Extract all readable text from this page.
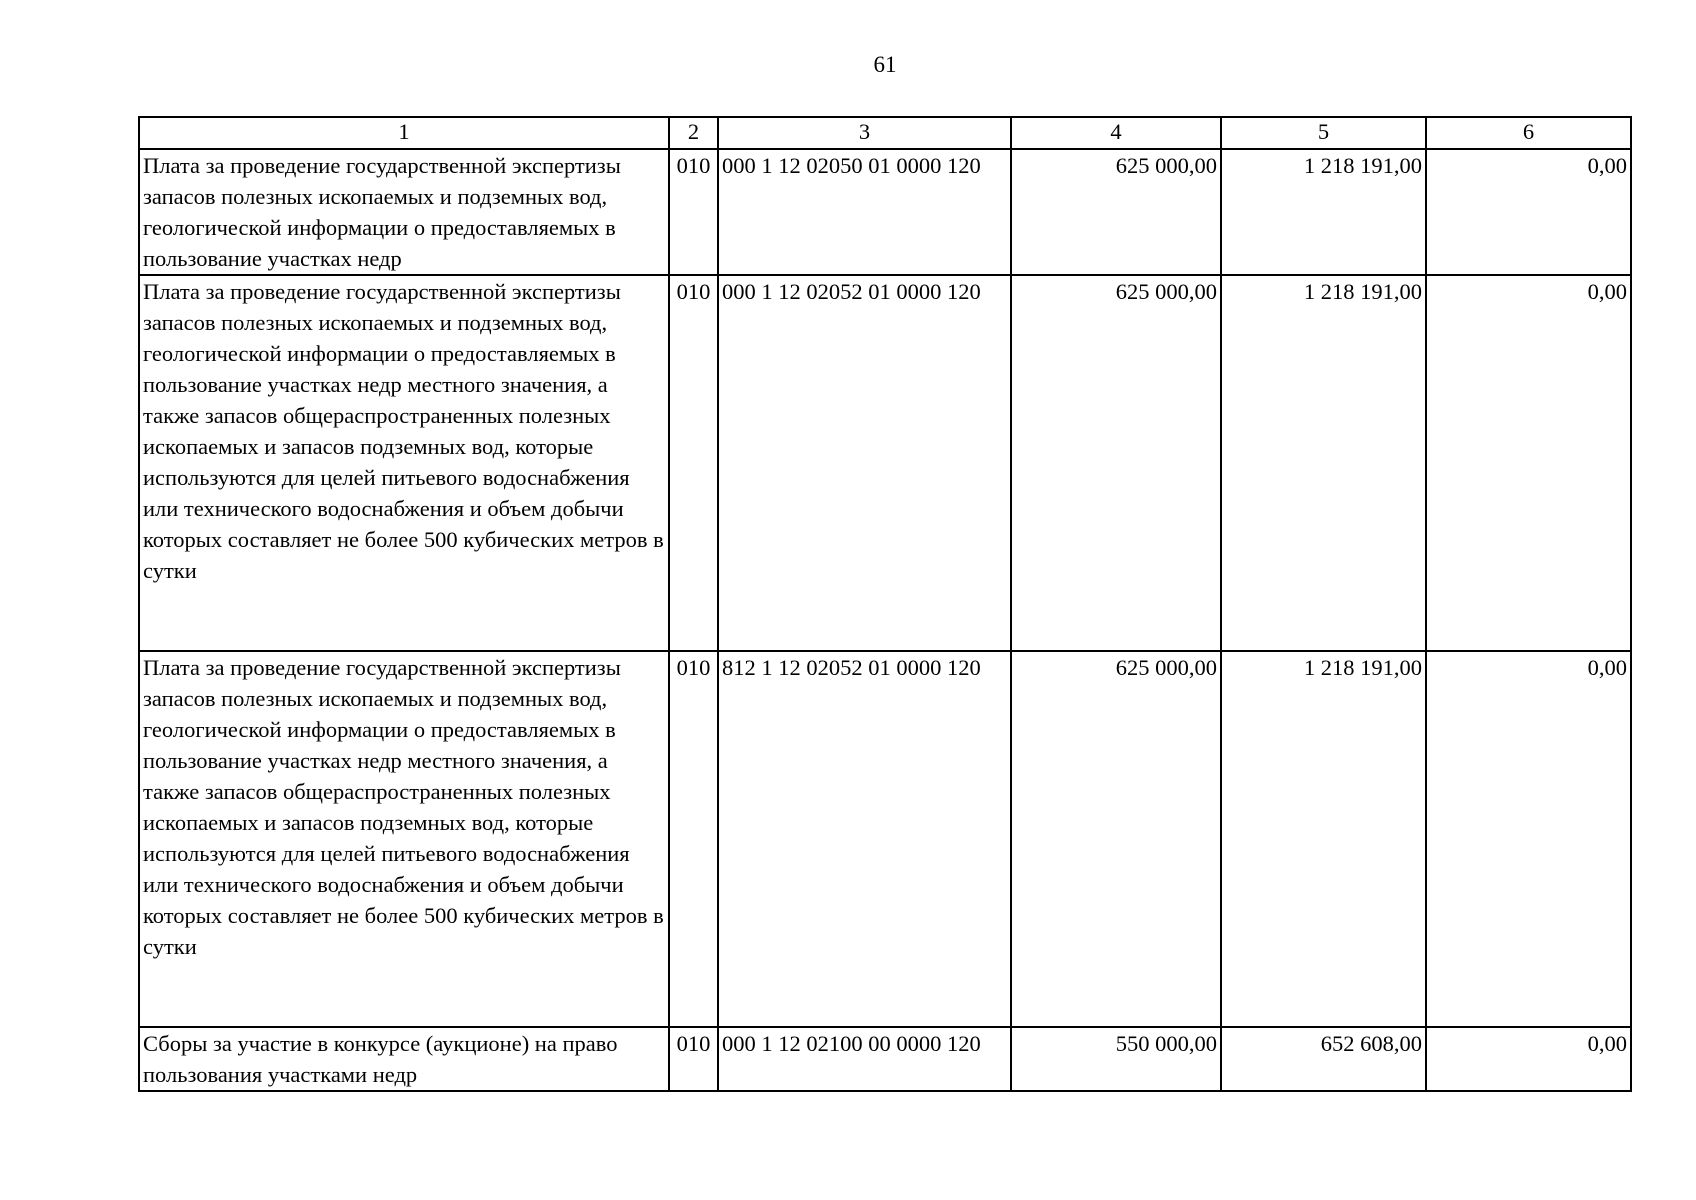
61
1	2	3	4	5	6
Плата за проведение государственной экспертизы запасов полезных ископаемых и подземных вод, геологической информации о предоставляемых в пользование участках недр	010	000 1 12 02050 01 0000 120	625 000,00	1 218 191,00	0,00
Плата за проведение государственной экспертизы запасов полезных ископаемых и подземных вод, геологической информации о предоставляемых в пользование участках недр местного значения, а также запасов общераспространенных полезных ископаемых и запасов подземных вод, которые используются для целей питьевого водоснабжения или технического водоснабжения и объем добычи которых составляет не более 500 кубических метров в сутки	010	000 1 12 02052 01 0000 120	625 000,00	1 218 191,00	0,00
Плата за проведение государственной экспертизы запасов полезных ископаемых и подземных вод, геологической информации о предоставляемых в пользование участках недр местного значения, а также запасов общераспространенных полезных ископаемых и запасов подземных вод, которые используются для целей питьевого водоснабжения или технического водоснабжения и объем добычи которых составляет не более 500 кубических метров в сутки	010	812 1 12 02052 01 0000 120	625 000,00	1 218 191,00	0,00
Сборы за участие в конкурсе (аукционе) на право пользования участками недр	010	000 1 12 02100 00 0000 120	550 000,00	652 608,00	0,00
